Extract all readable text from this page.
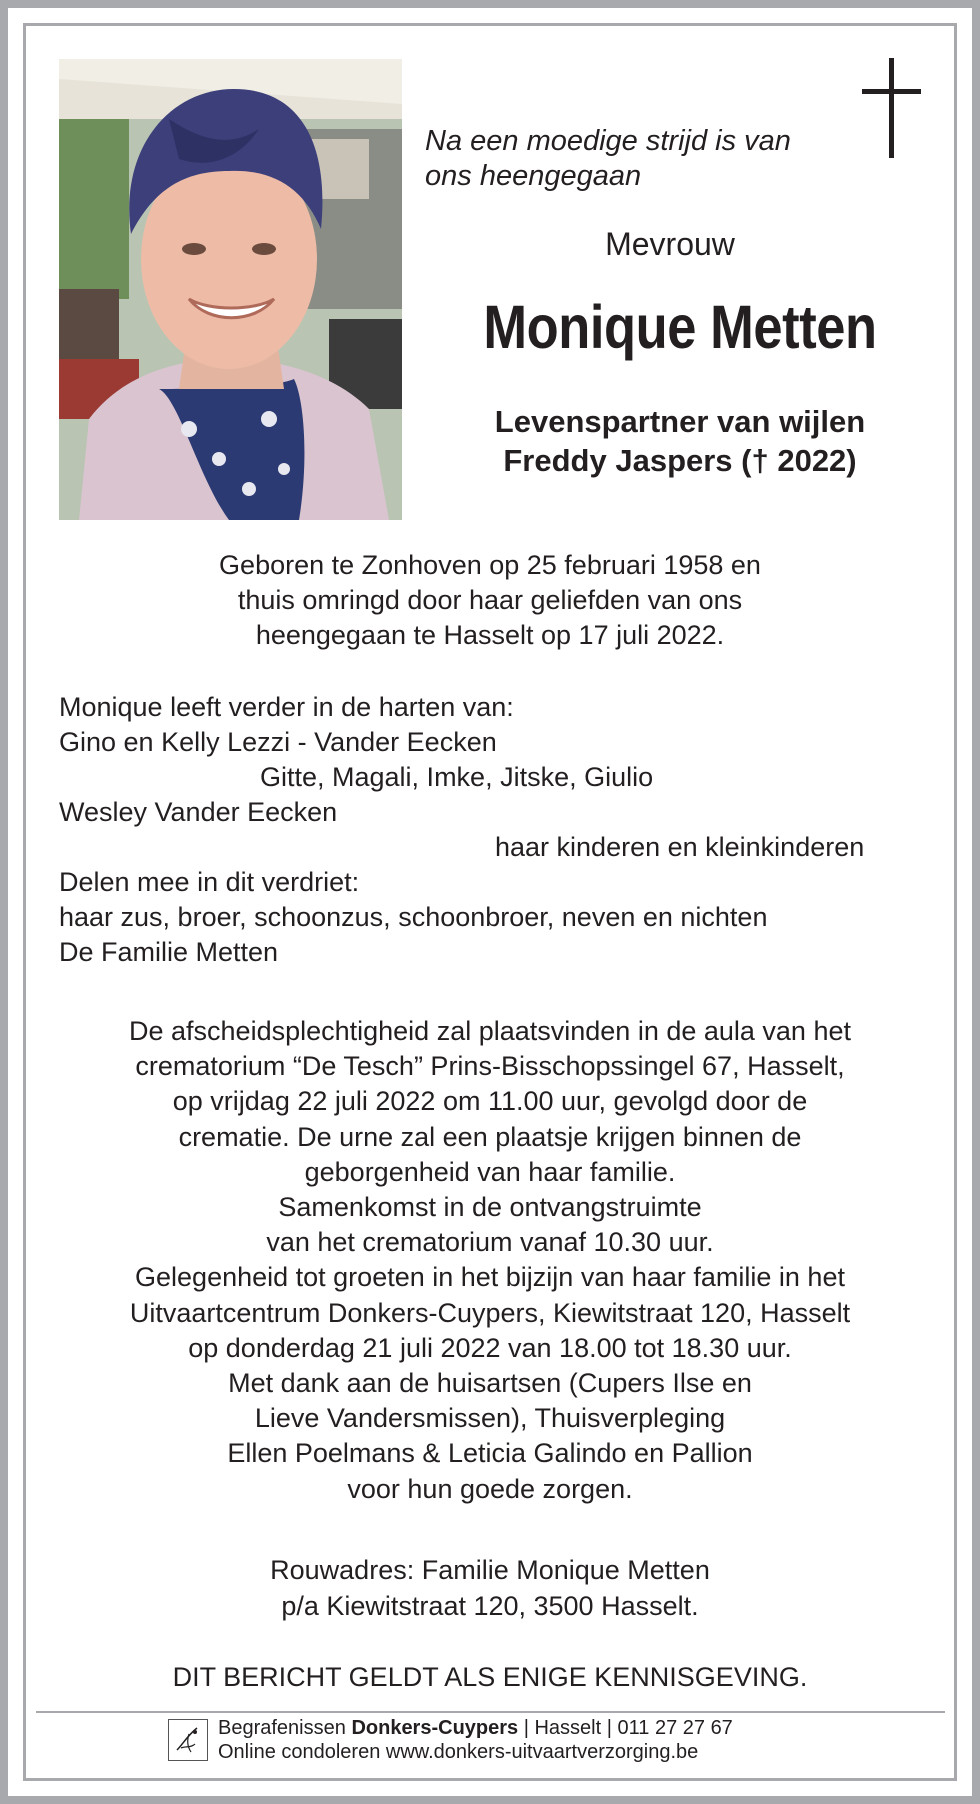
Na een moedige strijd is van
ons heengegaan
Mevrouw
Monique Metten
Levenspartner van wijlen
Freddy Jaspers († 2022)
Geboren te Zonhoven op 25 februari 1958 en
thuis omringd door haar geliefden van ons
heengegaan te Hasselt op 17 juli 2022.
Monique leeft verder in de harten van:
Gino en Kelly Lezzi - Vander Eecken
Gitte, Magali, Imke, Jitske, Giulio
Wesley Vander Eecken
haar kinderen en kleinkinderen
Delen mee in dit verdriet:
haar zus, broer, schoonzus, schoonbroer, neven en nichten
De Familie Metten
De afscheidsplechtigheid zal plaatsvinden in de aula van het
crematorium “De Tesch” Prins-Bisschopssingel 67, Hasselt,
op vrijdag 22 juli 2022 om 11.00 uur, gevolgd door de
crematie. De urne zal een plaatsje krijgen binnen de
geborgenheid van haar familie.
Samenkomst in de ontvangstruimte
van het crematorium vanaf 10.30 uur.
Gelegenheid tot groeten in het bijzijn van haar familie in het
Uitvaartcentrum Donkers-Cuypers, Kiewitstraat 120, Hasselt
op donderdag 21 juli 2022 van 18.00 tot 18.30 uur.
Met dank aan de huisartsen (Cupers Ilse en
Lieve Vandersmissen), Thuisverpleging
Ellen Poelmans & Leticia Galindo en Pallion
voor hun goede zorgen.
Rouwadres: Familie Monique Metten
p/a Kiewitstraat 120, 3500 Hasselt.
DIT BERICHT GELDT ALS ENIGE KENNISGEVING.
Begrafenissen Donkers-Cuypers | Hasselt | 011 27 27 67
Online condoleren www.donkers-uitvaartverzorging.be
